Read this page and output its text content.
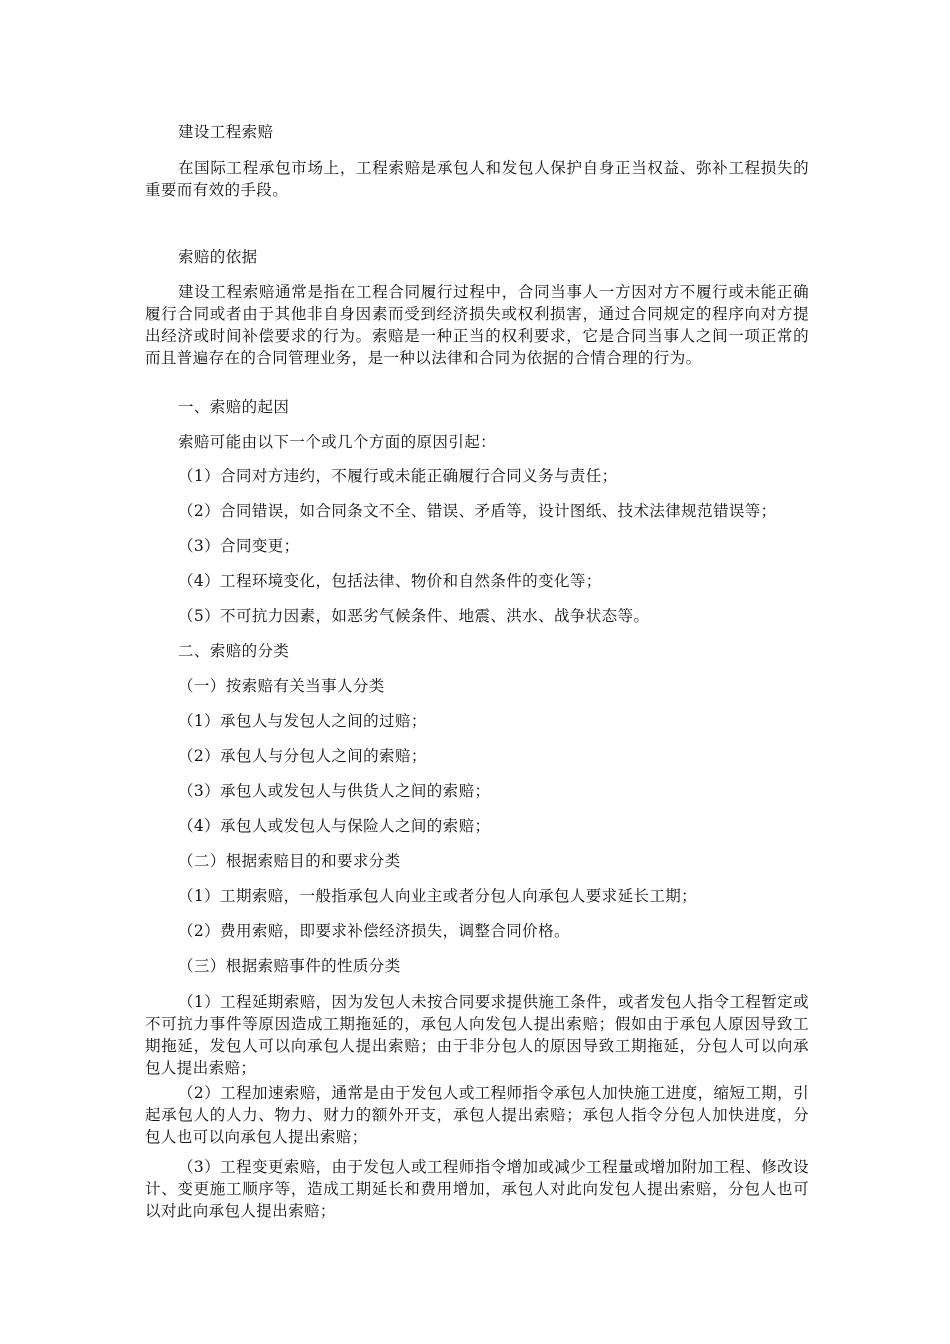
建设工程索赔

在国际工程承包市场上，工程索赔是承包人和发包人保护自身正当权益、弥补工程损失的重要而有效的手段。

索赔的依据

建设工程索赔通常是指在工程合同履行过程中，合同当事人一方因对方不履行或未能正确履行合同或者由于其他非自身因素而受到经济损失或权利损害，通过合同规定的程序向对方提出经济或时间补偿要求的行为。索赔是一种正当的权利要求，它是合同当事人之间一项正常的而且普遍存在的合同管理业务，是一种以法律和合同为依据的合情合理的行为。

一、索赔的起因

索赔可能由以下一个或几个方面的原因引起：

（1）合同对方违约，不履行或未能正确履行合同义务与责任；

（2）合同错误，如合同条文不全、错误、矛盾等，设计图纸、技术法律规范错误等；

（3）合同变更；

（4）工程环境变化，包括法律、物价和自然条件的变化等；

（5）不可抗力因素，如恶劣气候条件、地震、洪水、战争状态等。

二、索赔的分类

（一）按索赔有关当事人分类

（1）承包人与发包人之间的过赔；

（2）承包人与分包人之间的索赔；

（3）承包人或发包人与供货人之间的索赔；

（4）承包人或发包人与保险人之间的索赔；

（二）根据索赔目的和要求分类

（1）工期索赔，一般指承包人向业主或者分包人向承包人要求延长工期；

（2）费用索赔，即要求补偿经济损失，调整合同价格。

（三）根据索赔事件的性质分类

（1）工程延期索赔，因为发包人未按合同要求提供施工条件，或者发包人指令工程暂定或不可抗力事件等原因造成工期拖延的，承包人向发包人提出索赔；假如由于承包人原因导致工期拖延，发包人可以向承包人提出索赔；由于非分包人的原因导致工期拖延，分包人可以向承包人提出索赔；

（2）工程加速索赔，通常是由于发包人或工程师指令承包人加快施工进度，缩短工期，引起承包人的人力、物力、财力的额外开支，承包人提出索赔；承包人指令分包人加快进度，分包人也可以向承包人提出索赔；

（3）工程变更索赔，由于发包人或工程师指令增加或减少工程量或增加附加工程、修改设计、变更施工顺序等，造成工期延长和费用增加，承包人对此向发包人提出索赔，分包人也可以对此向承包人提出索赔；
